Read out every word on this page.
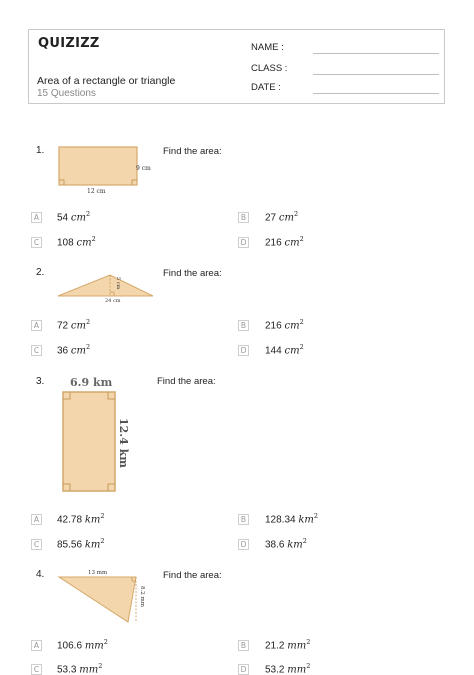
QUIZIZZ
Area of a rectangle or triangle
15 Questions
NAME :
CLASS :
DATE :
1.
9 cm
12 cm
Find the area:
A 54 $cm^2$	B 27 $cm^2$
C 108 $cm^2$	D 216 $cm^2$
2.
5 cm
24 cm
Find the area:
A 72 $cm^2$	B 216 $cm^2$
C 36 $cm^2$	D 144 $cm^2$
3. 6.9 km
12.4 km
Find the area:
A 42.78 $km^2$	B 128.34 $km^2$
C 85.56 $km^2$	D 38.6 $km^2$
4.	13 mm
8.2 mm
Find the area:
A 106.6 $mm^2$	B 21.2 $mm^2$
C 53.3 $mm^2$	D 53.2 $mm^2$
